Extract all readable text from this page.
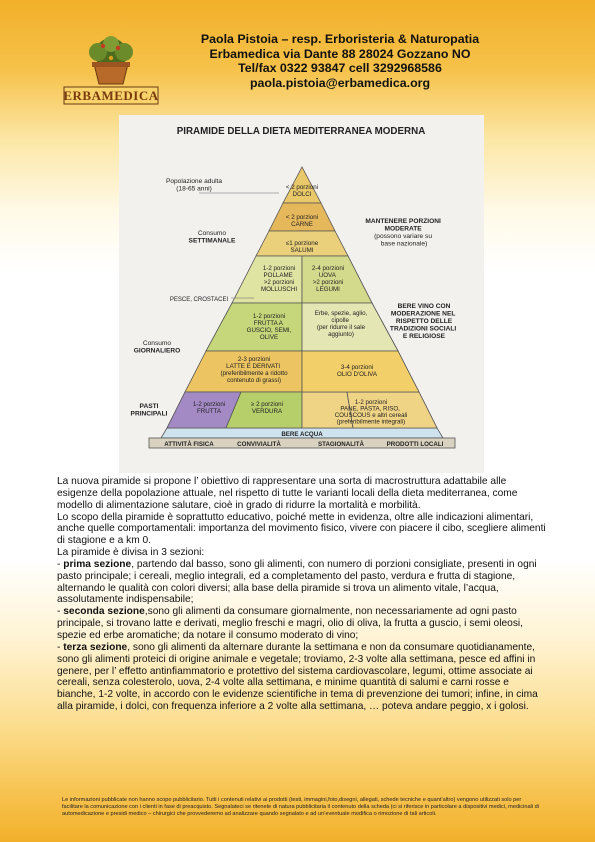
ERBAMEDICA
Paola Pistoia – resp. Erboristeria & Naturopatia
Erbamedica via Dante 88 28024 Gozzano NO
Tel/fax 0322 93847 cell 3292968586
paola.pistoia@erbamedica.org
PIRAMIDE DELLA DIETA MEDITERRANEA MODERNA
< 2 porzioni DOLCI
< 2 porzioni CARNE
≤1 porzione SALUMI
1-2 porzioni POLLAME >2 porzioni MOLLUSCHI
2-4 porzioni UOVA >2 porzioni LEGUMI
1-2 porzioni FRUTTA A GUSCIO, SEMI, OLIVE
Erbe, spezie, aglio, cipolle (per ridurre il sale aggiunto)
2-3 porzioni LATTE E DERIVATI (preferibilmente a ridotto contenuto di grassi)
3-4 porzioni OLIO D'OLIVA
1-2 porzioni FRUTTA
≥ 2 porzioni VERDURA
1-2 porzioni PANE, PASTA, RISO, COUSCOUS e altri cereali (preferibilmente integrali)
BERE ACQUA
ATTIVITÀ FISICA	CONVIVIALITÀ	STAGIONALITÀ	PRODOTTI LOCALI
Popolazione adulta (18-65 anni)
Consumo SETTIMANALE
Consumo GIORNALIERO
PASTI PRINCIPALI
MANTENERE PORZIONI MODERATE (possono variare su base nazionale)
BERE VINO CON MODERAZIONE NEL RISPETTO DELLE TRADIZIONI SOCIALI E RELIGIOSE
PESCE, CROSTACEI

La nuova piramide si propone l’ obiettivo di rappresentare una sorta di macrostruttura adattabile alle esigenze della popolazione attuale, nel rispetto di tutte le varianti locali della dieta mediterranea, come modello di alimentazione salutare, cioè in grado di ridurre la mortalità e morbilità.

Lo scopo della piramide è soprattutto educativo, poiché mette in evidenza, oltre alle indicazioni alimentari, anche quelle comportamentali: importanza del movimento fisico, vivere con piacere il cibo, scegliere alimenti di stagione e a km 0.

La piramide è divisa in 3 sezioni:

- prima sezione, partendo dal basso, sono gli alimenti, con numero di porzioni consigliate, presenti in ogni pasto principale; i cereali, meglio integrali, ed a completamento del pasto, verdura e frutta di stagione, alternando le qualità con colori diversi; alla base della piramide si trova un alimento vitale, l’acqua, assolutamente indispensabile;

- seconda sezione,sono gli alimenti da consumare giornalmente, non necessariamente ad ogni pasto principale, si trovano latte e derivati, meglio freschi e magri, olio di oliva, la frutta a guscio, i semi oleosi, spezie ed erbe aromatiche; da notare il consumo moderato di vino;

- terza sezione, sono gli alimenti da alternare durante la settimana e non da consumare quotidianamente, sono gli alimenti proteici di origine animale e vegetale; troviamo, 2-3 volte alla settimana, pesce ed affini in genere, per l’ effetto antinfiammatorio e protettivo del sistema cardiovascolare, legumi, ottime associate ai cereali, senza colesterolo, uova, 2-4 volte alla settimana, e minime quantità di salumi e carni rosse e bianche, 1-2 volte, in accordo con le evidenze scientifiche in tema di prevenzione dei tumori; infine, in cima alla piramide, i dolci, con frequenza inferiore a 2 volte alla settimana, … poteva andare peggio, x i golosi.

Le informazioni pubblicate non hanno scopo pubblicitario. Tutti i contenuti relativi ai prodotti (testi, immagini,foto,disegni, allegati, schede tecniche e quant’altro) vengono utilizzati solo per facilitare la comunicazione con i clienti in fase di preacquisto. Segnalateci se ritenete di natura pubblicitaria il contenuto della scheda (ci si riferisce in particolare a dispositivi medici, medicinali di automedicazione e presidi medico – chirurgici che provvederemo ad analizzare quando segnalato e ad un’eventuale modifica o rimozione di tali articoli.
